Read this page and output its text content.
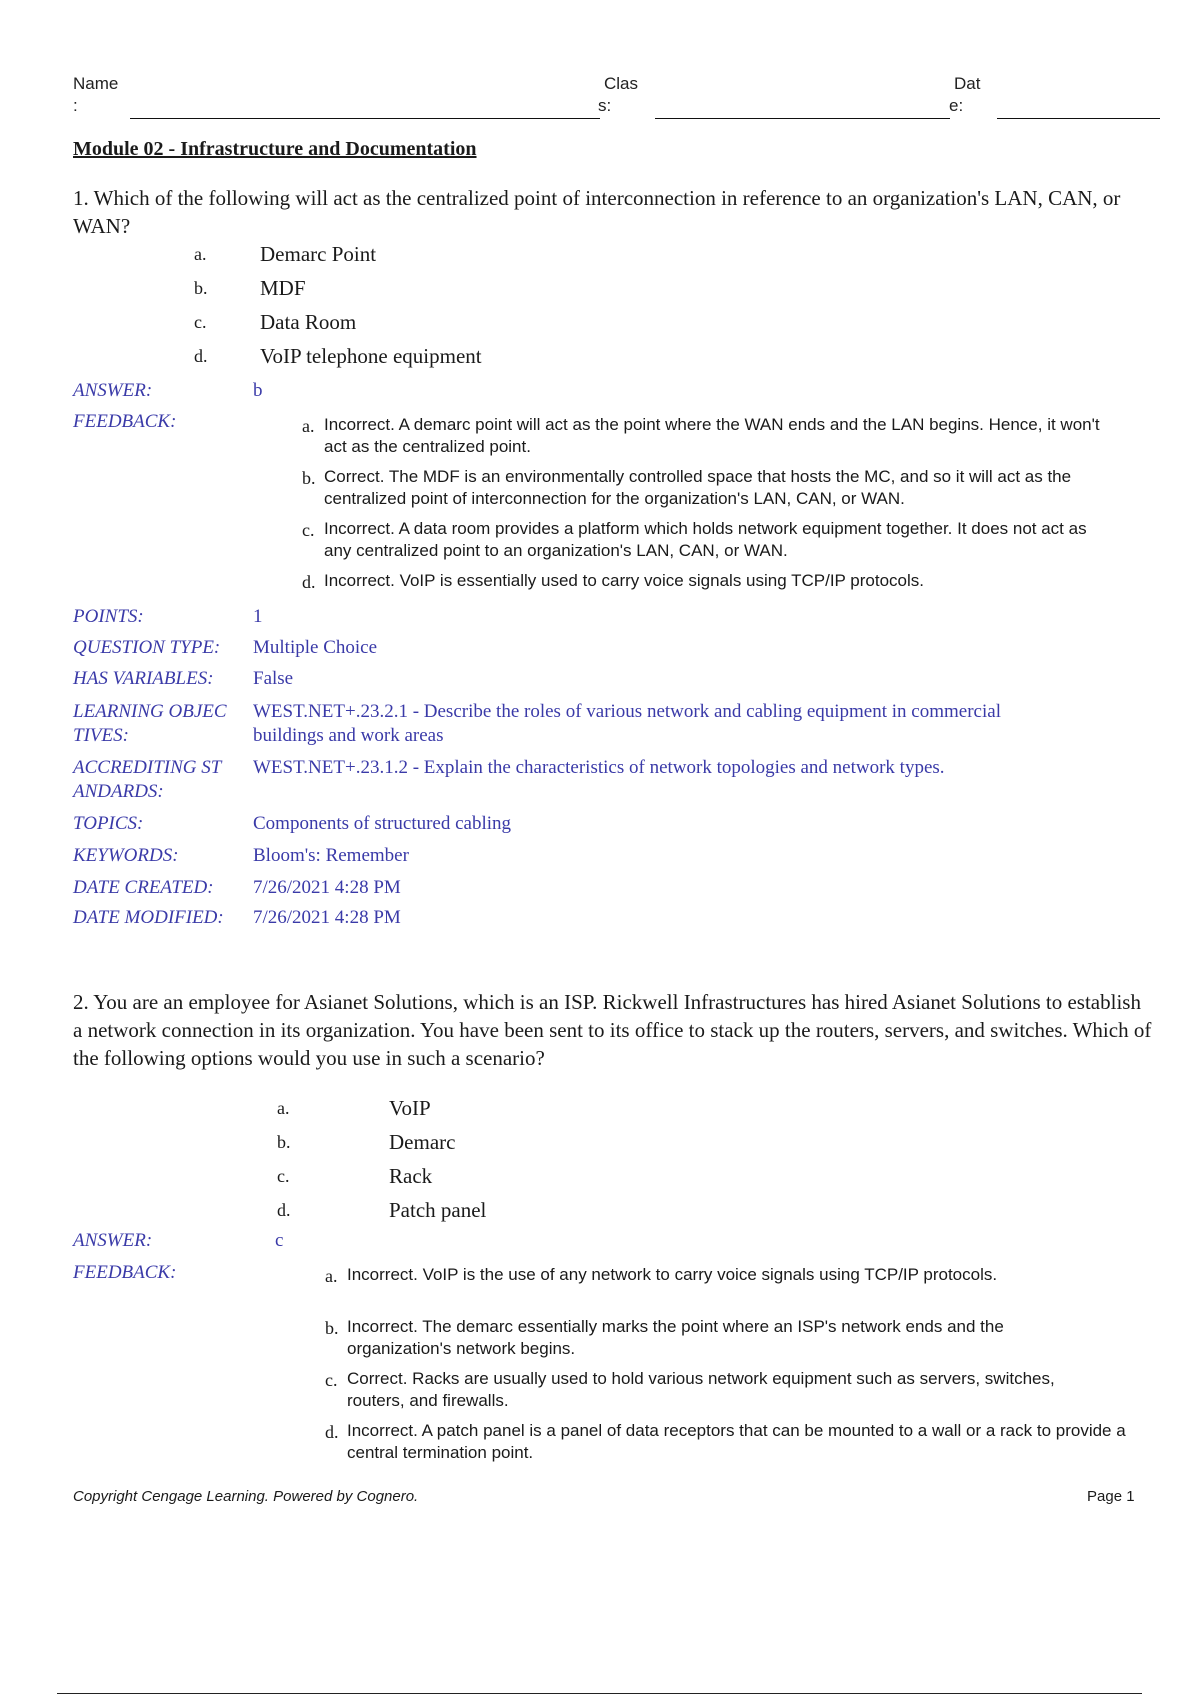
Name
:
Clas
s:
Dat
e:
Module 02 - Infrastructure and Documentation
1. Which of the following will act as the centralized point of interconnection in reference to an organization's LAN, CAN, or WAN?
a.	Demarc Point
b.	MDF
c.	Data Room
d.	VoIP telephone equipment
ANSWER:	b
FEEDBACK:	a. Incorrect. A demarc point will act as the point where the WAN ends and the LAN begins. Hence, it won't act as the centralized point.
b. Correct. The MDF is an environmentally controlled space that hosts the MC, and so it will act as the centralized point of interconnection for the organization's LAN, CAN, or WAN.
c. Incorrect. A data room provides a platform which holds network equipment together. It does not act as any centralized point to an organization's LAN, CAN, or WAN.
d. Incorrect. VoIP is essentially used to carry voice signals using TCP/IP protocols.
POINTS:	1
QUESTION TYPE: Multiple Choice
HAS VARIABLES: False
LEARNING OBJEC
TIVES:
WEST.NET+.23.2.1 - Describe the roles of various network and cabling equipment in commercial
buildings and work areas
ACCREDITING ST
ANDARDS:
WEST.NET+.23.1.2 - Explain the characteristics of network topologies and network types.
TOPICS:	Components of structured cabling
KEYWORDS:	Bloom's: Remember
DATE CREATED: 7/26/2021 4:28 PM
DATE MODIFIED: 7/26/2021 4:28 PM
2. You are an employee for Asianet Solutions, which is an ISP. Rickwell Infrastructures has hired Asianet Solutions to establish a network connection in its organization. You have been sent to its office to stack up the routers, servers, and switches. Which of the following options would you use in such a scenario?
a.	VoIP
b.	Demarc
c.	Rack
d.	Patch panel
ANSWER:	c
FEEDBACK:	a. Incorrect. VoIP is the use of any network to carry voice signals using TCP/IP protocols.
b. Incorrect. The demarc essentially marks the point where an ISP's network ends and the organization's network begins.
c. Correct. Racks are usually used to hold various network equipment such as servers, switches, routers, and firewalls.
d. Incorrect. A patch panel is a panel of data receptors that can be mounted to a wall or a rack to provide a central termination point.
Copyright Cengage Learning. Powered by Cognero.	Page 1
